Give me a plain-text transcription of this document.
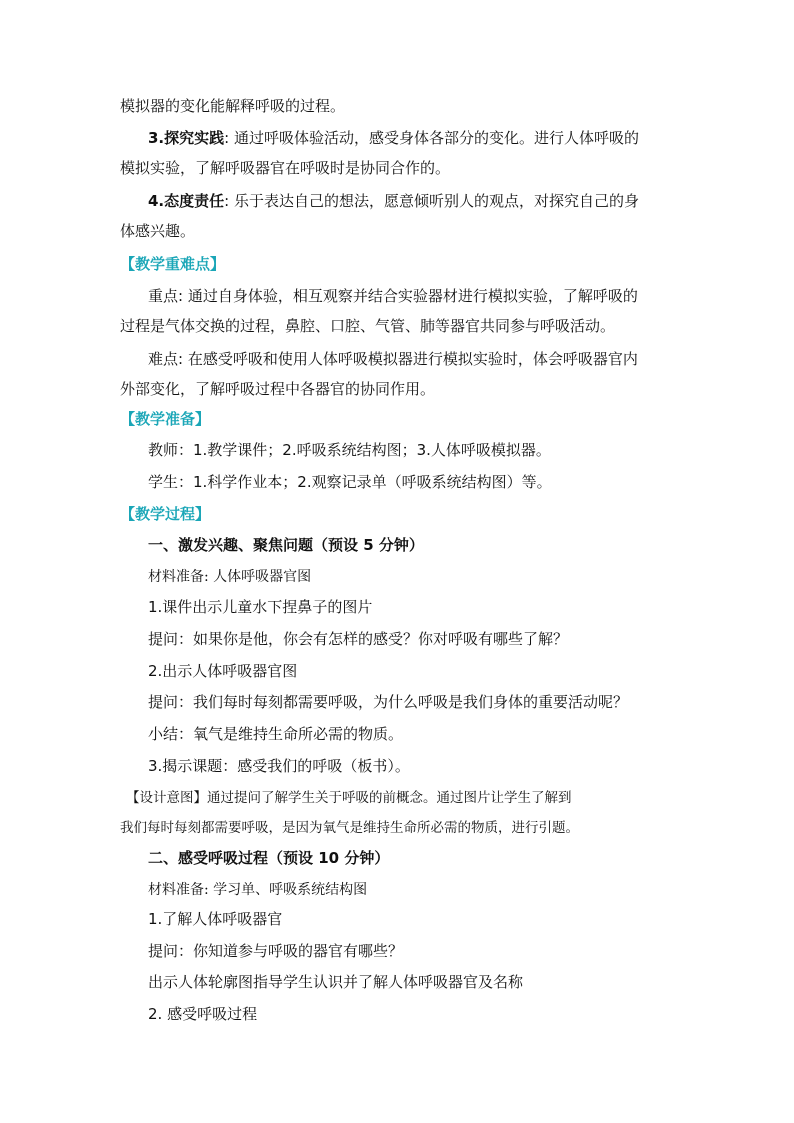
模拟器的变化能解释呼吸的过程。
3.探究实践: 通过呼吸体验活动，感受身体各部分的变化。进行人体呼吸的
模拟实验，了解呼吸器官在呼吸时是协同合作的。
4.态度责任: 乐于表达自己的想法，愿意倾听别人的观点，对探究自己的身
体感兴趣。
【教学重难点】
重点: 通过自身体验，相互观察并结合实验器材进行模拟实验，了解呼吸的
过程是气体交换的过程，鼻腔、口腔、气管、肺等器官共同参与呼吸活动。
难点: 在感受呼吸和使用人体呼吸模拟器进行模拟实验时，体会呼吸器官内
外部变化，了解呼吸过程中各器官的协同作用。
【教学准备】
教师：1.教学课件；2.呼吸系统结构图；3.人体呼吸模拟器。
学生：1.科学作业本；2.观察记录单（呼吸系统结构图）等。
【教学过程】
一、激发兴趣、聚焦问题（预设 5 分钟）
材料准备: 人体呼吸器官图
1.课件出示儿童水下捏鼻子的图片
提问：如果你是他，你会有怎样的感受？你对呼吸有哪些了解？
2.出示人体呼吸器官图
提问：我们每时每刻都需要呼吸，为什么呼吸是我们身体的重要活动呢？
小结：氧气是维持生命所必需的物质。
3.揭示课题：感受我们的呼吸（板书）。
【设计意图】通过提问了解学生关于呼吸的前概念。通过图片让学生了解到
我们每时每刻都需要呼吸，是因为氧气是维持生命所必需的物质，进行引题。
二、感受呼吸过程（预设 10 分钟）
材料准备: 学习单、呼吸系统结构图
1.了解人体呼吸器官
提问：你知道参与呼吸的器官有哪些？
出示人体轮廓图指导学生认识并了解人体呼吸器官及名称
2. 感受呼吸过程
